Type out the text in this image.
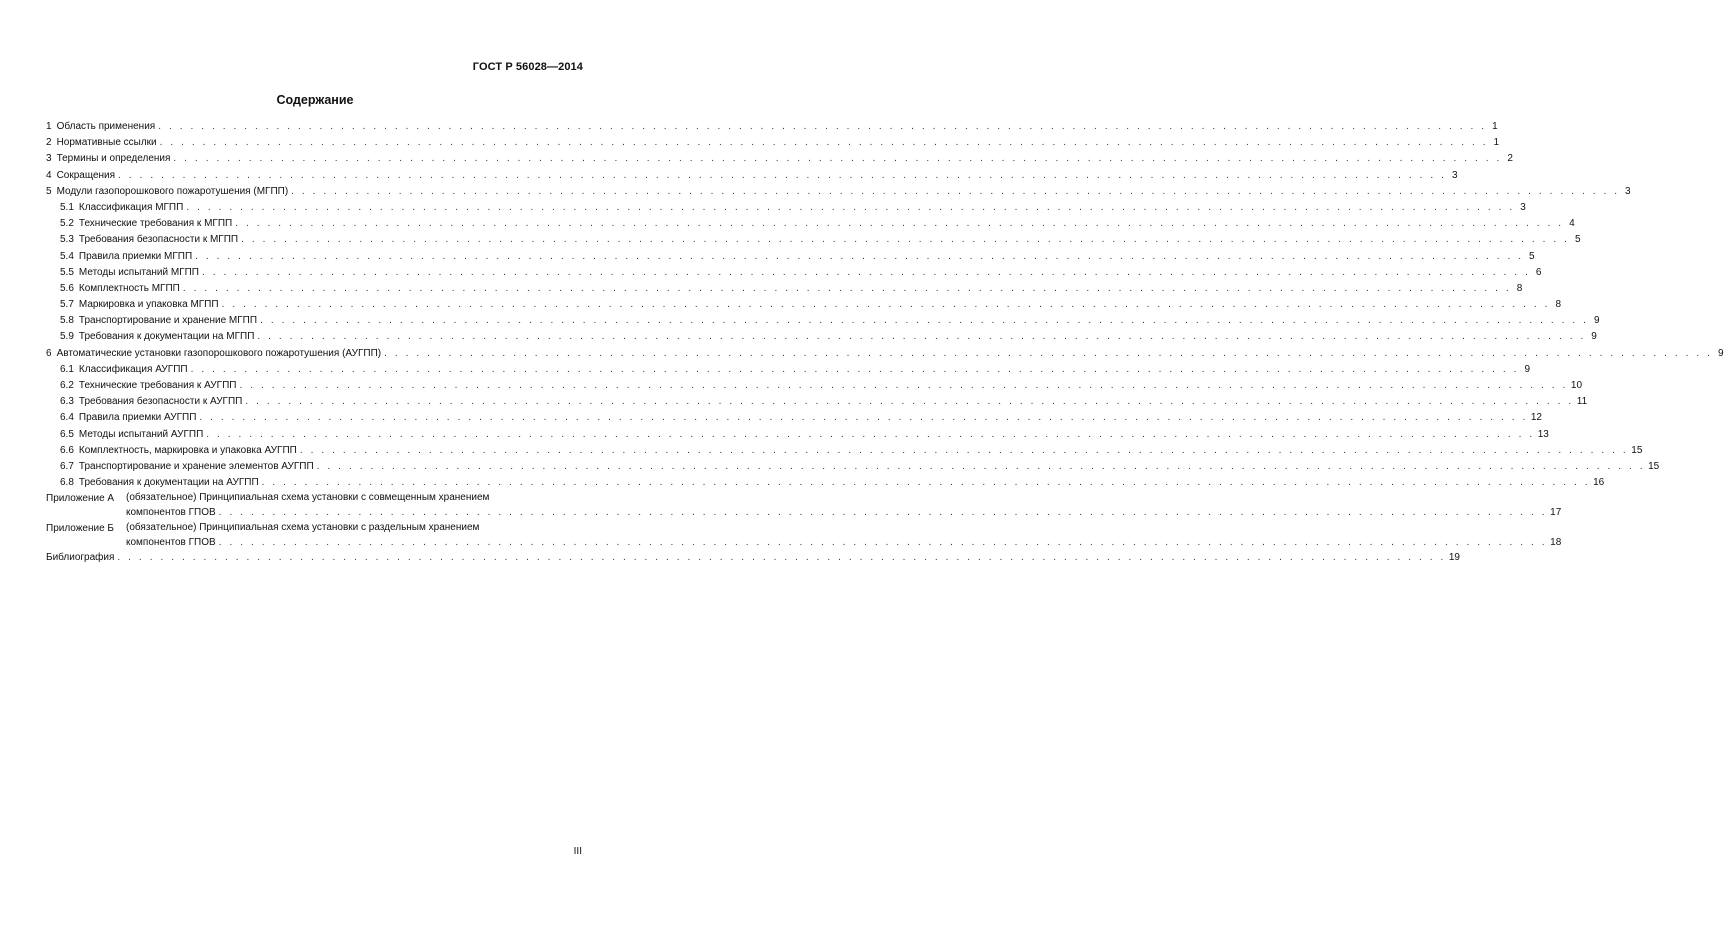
ГОСТ Р 56028—2014
Содержание
1 Область применения . . .	1
2 Нормативные ссылки . . .	1
3 Термины и определения . . .	2
4 Сокращения . . .	3
5 Модули газопорошкового пожаротушения (МГПП) . . .	3
5.1 Классификация МГПП . . .	3
5.2 Технические требования к МГПП . . .	4
5.3 Требования безопасности к МГПП . . .	5
5.4 Правила приемки МГПП . . .	5
5.5 Методы испытаний МГПП . . .	6
5.6 Комплектность МГПП . . .	8
5.7 Маркировка и упаковка МГПП . . .	8
5.8 Транспортирование и хранение МГПП . . .	9
5.9 Требования к документации на МГПП . . .	9
6 Автоматические установки газопорошкового пожаротушения (АУГПП) . . .	9
6.1 Классификация АУГПП . . .	9
6.2 Технические требования к АУГПП . . .	10
6.3 Требования безопасности к АУГПП . . .	11
6.4 Правила приемки АУГПП . . .	12
6.5 Методы испытаний АУГПП . . .	13
6.6 Комплектность, маркировка и упаковка АУГПП . . .	15
6.7 Транспортирование и хранение элементов АУГПП . . .	15
6.8 Требования к документации на АУГПП . . .	16
Приложение А	(обязательное) Принципиальная схема установки с совмещенным хранением
компонентов ГПОВ . . .	17
Приложение Б	(обязательное) Принципиальная схема установки с раздельным хранением
компонентов ГПОВ . . .	18
Библиография . . .	19
III
